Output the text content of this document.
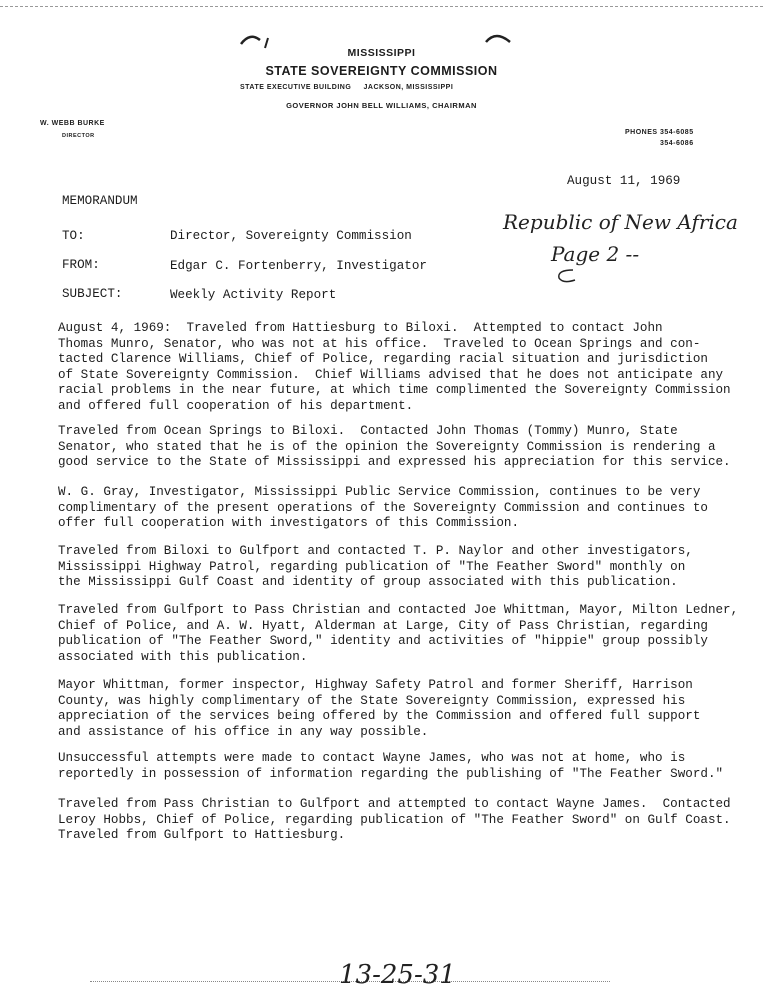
MISSISSIPPI
STATE SOVEREIGNTY COMMISSION
STATE EXECUTIVE BUILDING     JACKSON, MISSISSIPPI
GOVERNOR JOHN BELL WILLIAMS, CHAIRMAN
W. WEBB BURKE
DIRECTOR	PHONES 354-6085
354-6086
August 11, 1969
MEMORANDUM
TO:	Director, Sovereignty Commission
FROM:	Edgar C. Fortenberry, Investigator
SUBJECT:	Weekly Activity Report
Republic of New Africa
Page 2 --
August 4, 1969:  Traveled from Hattiesburg to Biloxi.  Attempted to contact John
Thomas Munro, Senator, who was not at his office.  Traveled to Ocean Springs and con-
tacted Clarence Williams, Chief of Police, regarding racial situation and jurisdiction
of State Sovereignty Commission.  Chief Williams advised that he does not anticipate any
racial problems in the near future, at which time complimented the Sovereignty Commission
and offered full cooperation of his department.
Traveled from Ocean Springs to Biloxi.  Contacted John Thomas (Tommy) Munro, State
Senator, who stated that he is of the opinion the Sovereignty Commission is rendering a
good service to the State of Mississippi and expressed his appreciation for this service.
W. G. Gray, Investigator, Mississippi Public Service Commission, continues to be very
complimentary of the present operations of the Sovereignty Commission and continues to
offer full cooperation with investigators of this Commission.
Traveled from Biloxi to Gulfport and contacted T. P. Naylor and other investigators,
Mississippi Highway Patrol, regarding publication of "The Feather Sword" monthly on
the Mississippi Gulf Coast and identity of group associated with this publication.
Traveled from Gulfport to Pass Christian and contacted Joe Whittman, Mayor, Milton Ledner,
Chief of Police, and A. W. Hyatt, Alderman at Large, City of Pass Christian, regarding
publication of "The Feather Sword," identity and activities of "hippie" group possibly
associated with this publication.
Mayor Whittman, former inspector, Highway Safety Patrol and former Sheriff, Harrison
County, was highly complimentary of the State Sovereignty Commission, expressed his
appreciation of the services being offered by the Commission and offered full support
and assistance of his office in any way possible.
Unsuccessful attempts were made to contact Wayne James, who was not at home, who is
reportedly in possession of information regarding the publishing of "The Feather Sword."
Traveled from Pass Christian to Gulfport and attempted to contact Wayne James.  Contacted
Leroy Hobbs, Chief of Police, regarding publication of "The Feather Sword" on Gulf Coast.
Traveled from Gulfport to Hattiesburg.
13-25-31
